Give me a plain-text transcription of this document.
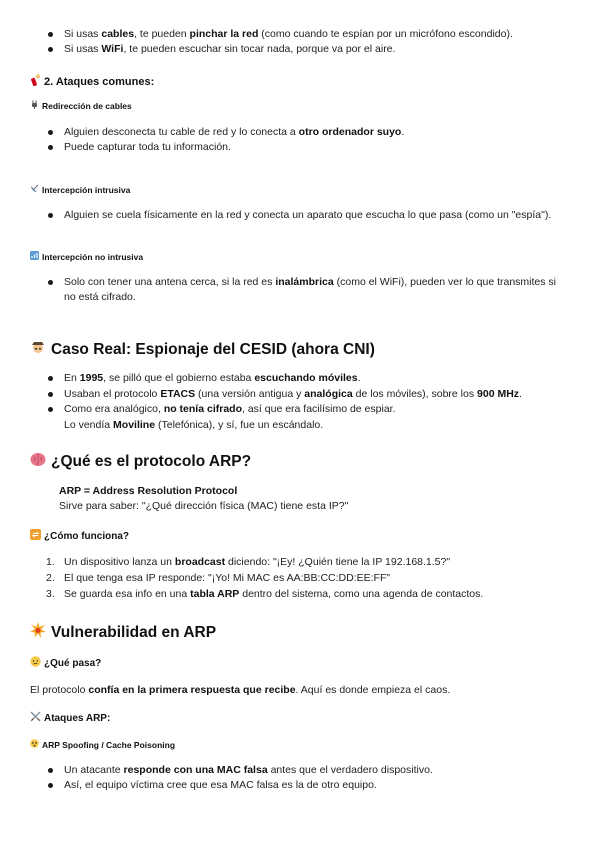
Si usas cables, te pueden pinchar la red (como cuando te espían por un micrófono escondido).
Si usas WiFi, te pueden escuchar sin tocar nada, porque va por el aire.
2. Ataques comunes:
Redirección de cables
Alguien desconecta tu cable de red y lo conecta a otro ordenador suyo.
Puede capturar toda tu información.
Intercepción intrusiva
Alguien se cuela físicamente en la red y conecta un aparato que escucha lo que pasa (como un "espía").
Intercepción no intrusiva
Solo con tener una antena cerca, si la red es inalámbrica (como el WiFi), pueden ver lo que transmites si
no está cifrado.
Caso Real: Espionaje del CESID (ahora CNI)
En 1995, se pilló que el gobierno estaba escuchando móviles.
Usaban el protocolo ETACS (una versión antigua y analógica de los móviles), sobre los 900 MHz.
Como era analógico, no tenía cifrado, así que era facilísimo de espiar.
Lo vendía Moviline (Telefónica), y sí, fue un escándalo.
¿Qué es el protocolo ARP?
ARP = Address Resolution Protocol
Sirve para saber: "¿Qué dirección física (MAC) tiene esta IP?"
¿Cómo funciona?
1. Un dispositivo lanza un broadcast diciendo: "¡Ey! ¿Quién tiene la IP 192.168.1.5?"
2. El que tenga esa IP responde: "¡Yo! Mi MAC es AA:BB:CC:DD:EE:FF"
3. Se guarda esa info en una tabla ARP dentro del sistema, como una agenda de contactos.
Vulnerabilidad en ARP
¿Qué pasa?
El protocolo confía en la primera respuesta que recibe. Aquí es donde empieza el caos.
Ataques ARP:
ARP Spoofing / Cache Poisoning
Un atacante responde con una MAC falsa antes que el verdadero dispositivo.
Así, el equipo víctima cree que esa MAC falsa es la de otro equipo.
